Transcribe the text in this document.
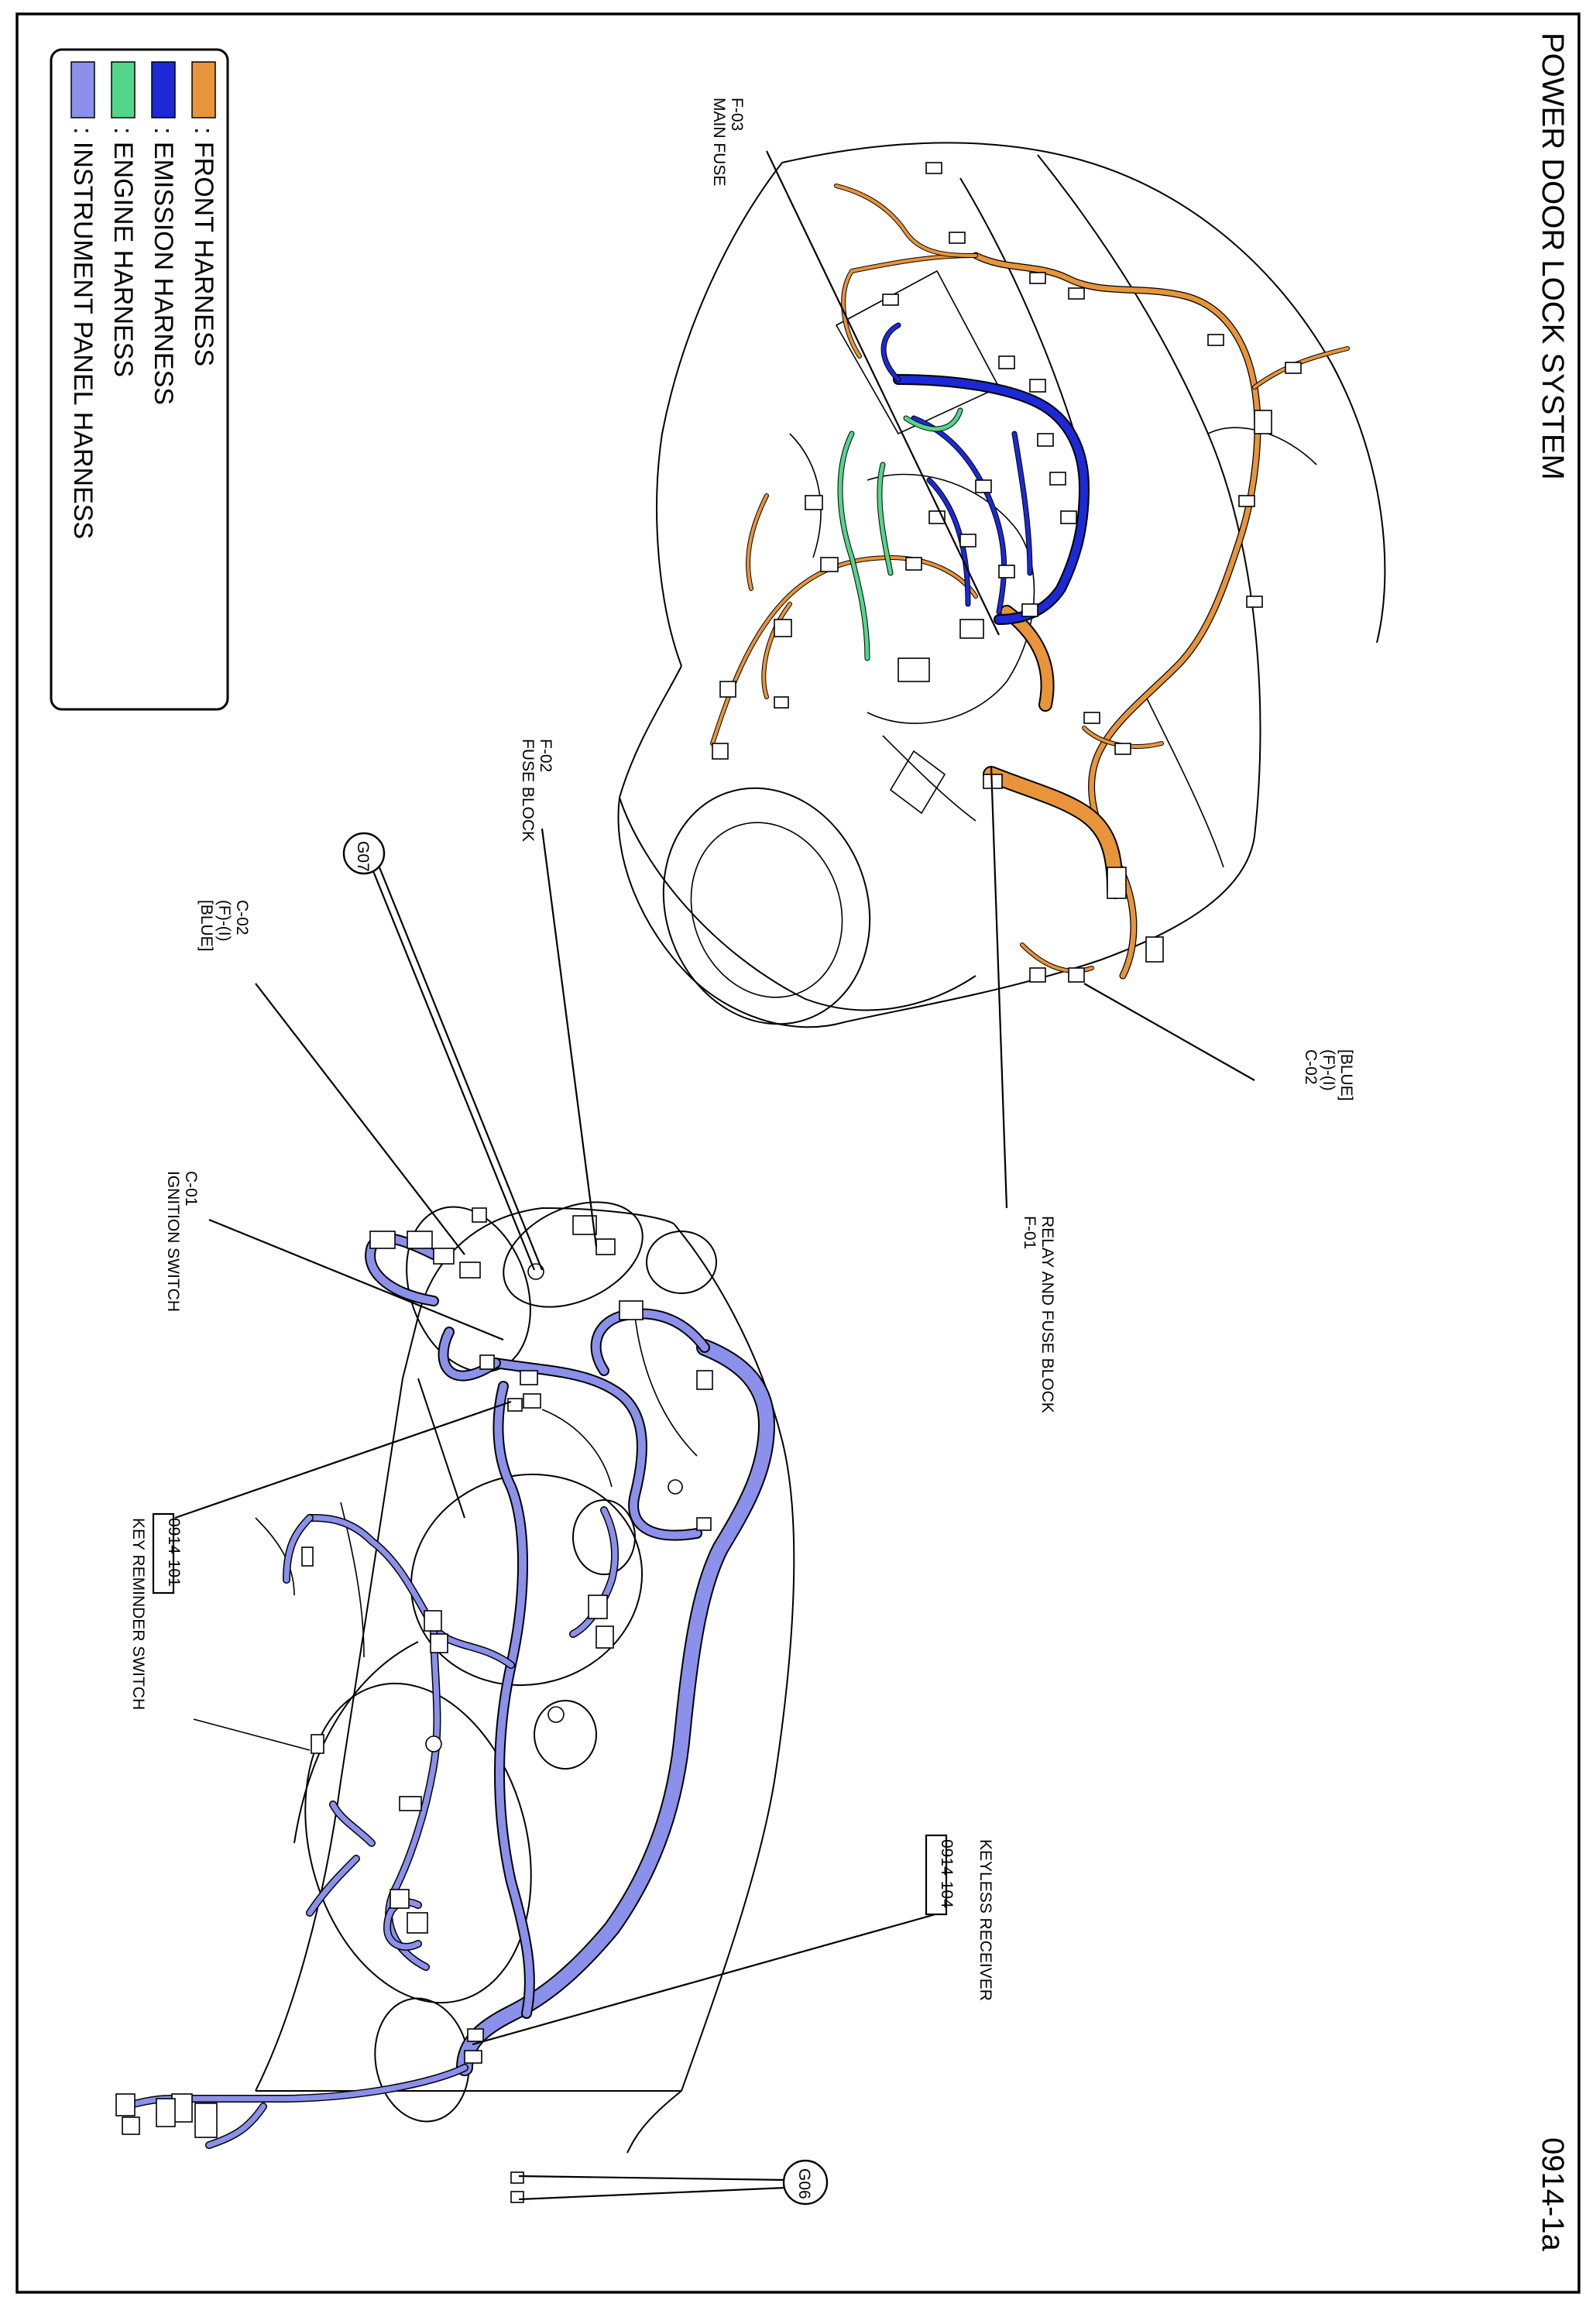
POWER DOOR LOCK SYSTEM
0914-1a
: FRONT HARNESS
: EMISSION HARNESS
: ENGINE HARNESS
: INSTRUMENT PANEL HARNESS
F-03
MAIN FUSE
F-02
FUSE BLOCK
RELAY AND FUSE BLOCK
F-01
[BLUE]
(F)-(I)
C-02
C-02
(F)-(I)
[BLUE]
C-01
IGNITION SWITCH
0914-101
KEY REMINDER SWITCH
KEYLESS RECEIVER
0914-104
G07
G06
